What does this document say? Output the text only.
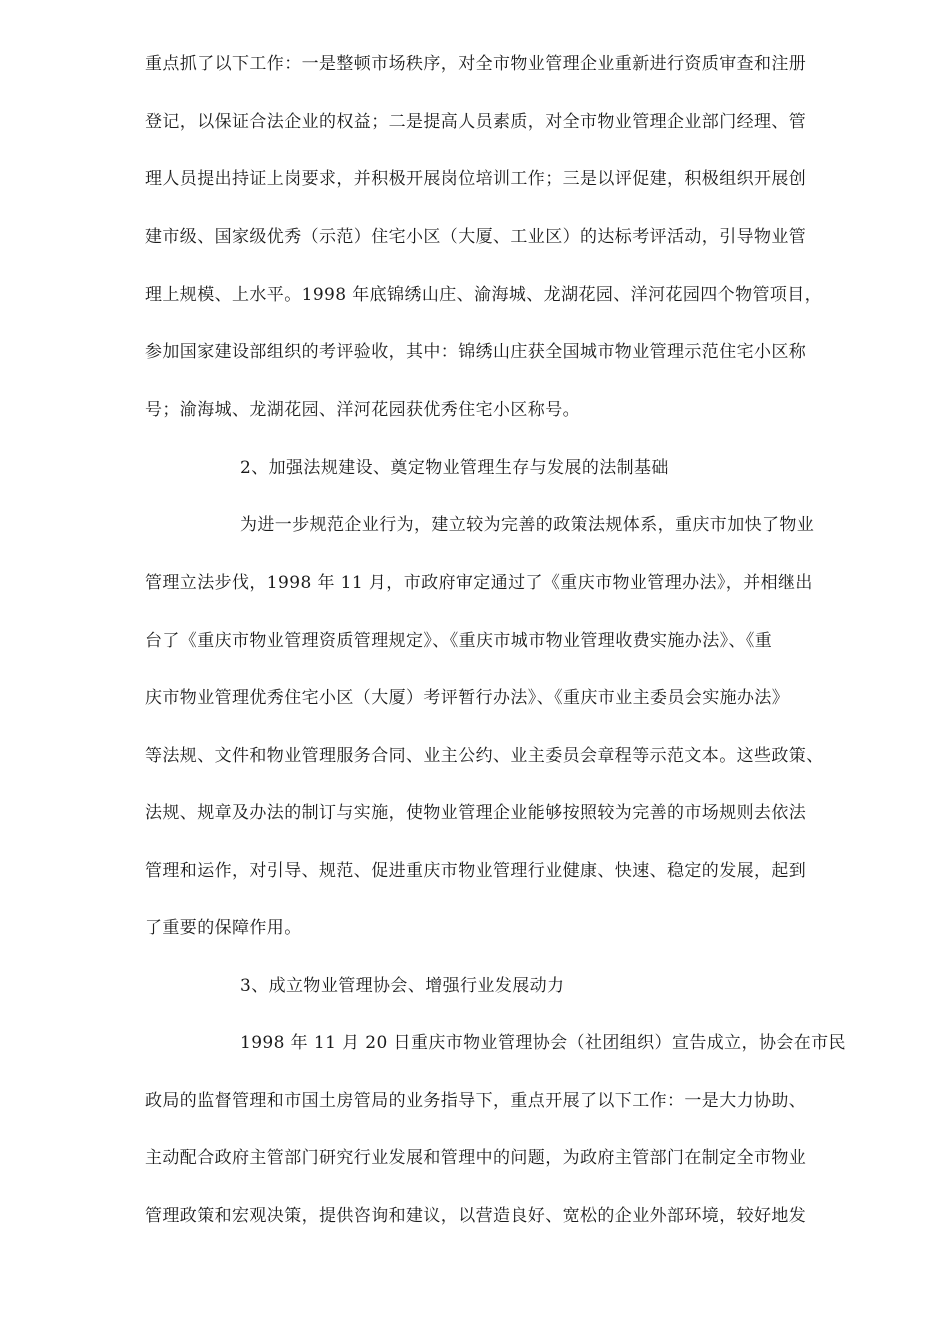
重点抓了以下工作：一是整顿市场秩序，对全市物业管理企业重新进行资质审查和注册
登记，以保证合法企业的权益；二是提高人员素质，对全市物业管理企业部门经理、管
理人员提出持证上岗要求，并积极开展岗位培训工作；三是以评促建，积极组织开展创
建市级、国家级优秀（示范）住宅小区（大厦、工业区）的达标考评活动，引导物业管
理上规模、上水平。1998 年底锦绣山庄、渝海城、龙湖花园、洋河花园四个物管项目，
参加国家建设部组织的考评验收，其中：锦绣山庄获全国城市物业管理示范住宅小区称
号；渝海城、龙湖花园、洋河花园获优秀住宅小区称号。
2、加强法规建设、奠定物业管理生存与发展的法制基础
为进一步规范企业行为，建立较为完善的政策法规体系，重庆市加快了物业
管理立法步伐，1998 年 11 月，市政府审定通过了《重庆市物业管理办法》，并相继出
台了《重庆市物业管理资质管理规定》、《重庆市城市物业管理收费实施办法》、《重
庆市物业管理优秀住宅小区（大厦）考评暂行办法》、《重庆市业主委员会实施办法》
等法规、文件和物业管理服务合同、业主公约、业主委员会章程等示范文本。这些政策、
法规、规章及办法的制订与实施，使物业管理企业能够按照较为完善的市场规则去依法
管理和运作，对引导、规范、促进重庆市物业管理行业健康、快速、稳定的发展，起到
了重要的保障作用。
3、成立物业管理协会、增强行业发展动力
1998 年 11 月 20 日重庆市物业管理协会（社团组织）宣告成立，协会在市民
政局的监督管理和市国土房管局的业务指导下，重点开展了以下工作：一是大力协助、
主动配合政府主管部门研究行业发展和管理中的问题，为政府主管部门在制定全市物业
管理政策和宏观决策，提供咨询和建议，以营造良好、宽松的企业外部环境，较好地发
